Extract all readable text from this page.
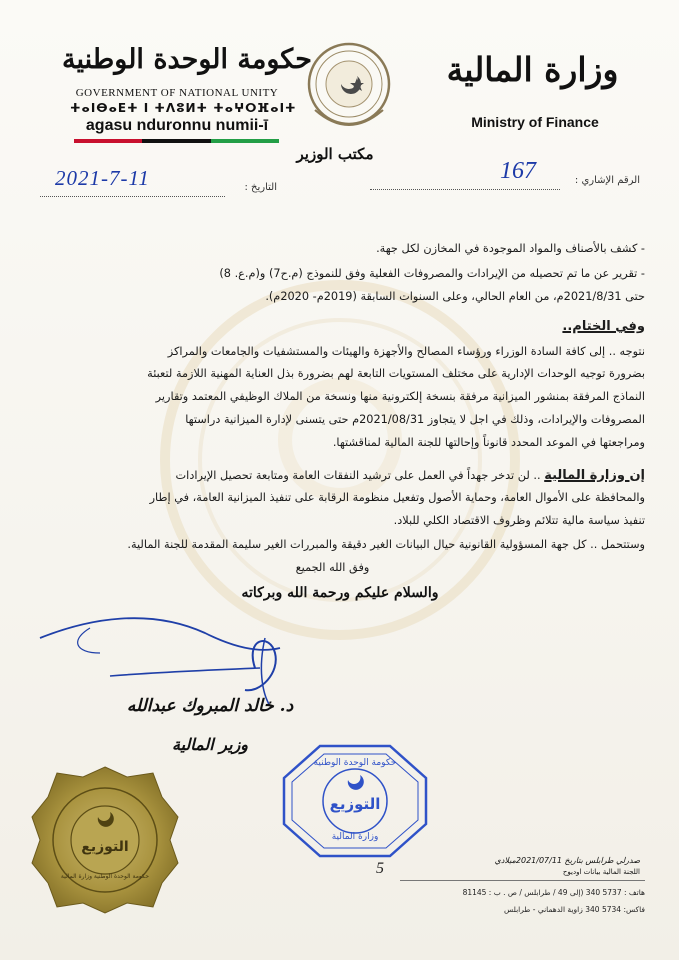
حكومة الوحدة الوطنية
GOVERNMENT OF NATIONAL UNITY
ⵜⴰⵏⴱⴰⴹⵜ ⵏ ⵜⴷⵓⵍⵜ ⵜⴰⵖⵔⴼⴰⵏⵜ
agasu nduronnu numii-ī
مكتب الوزير
وزارة المالية
Ministry of Finance
الرقم الإشاري :
167
التاريخ :
2021-7-11
- كشف بالأصناف والمواد الموجودة في المخازن لكل جهة.
- تقرير عن ما تم تحصيله من الإيرادات والمصروفات الفعلية وفق للنموذج (م.ح7) و(م.ع. 8)
حتى 2021/8/31م، من العام الحالي، وعلى السنوات السابقة (2019م- 2020م).
وفي الختام..
نتوجه .. إلى كافة السادة الوزراء ورؤساء المصالح والأجهزة والهيئات والمستشفيات والجامعات والمراكز
بضرورة توجيه الوحدات الإدارية على مختلف المستويات التابعة لهم بضرورة بذل العناية المهنية اللازمة لتعبئة
النماذج المرفقة بمنشور الميزانية مرفقة بنسخة إلكترونية منها ونسخة من الملاك الوظيفي المعتمد وتقارير
المصروفات والإيرادات، وذلك في اجل لا يتجاوز 2021/08/31م حتى يتسنى لإدارة الميزانية دراستها
ومراجعتها في الموعد المحدد قانوناً وإحالتها للجنة المالية لمناقشتها.
إن وزارة المالية .. لن تدخر جهداً في العمل على ترشيد النفقات العامة ومتابعة تحصيل الإيرادات
والمحافظة على الأموال العامة، وحماية الأصول وتفعيل منظومة الرقابة على تنفيذ الميزانية العامة، في إطار
تنفيذ سياسة مالية تتلائم وظروف الاقتصاد الكلي للبلاد.
وستتحمل .. كل جهة المسؤولية القانونية حيال البيانات الغير دقيقة والمبررات الغير سليمة المقدمة للجنة المالية.
وفق الله الجميع
والسلام عليكم ورحمة الله وبركاته
د. خالد المبروك عبدالله
وزير المالية
حكومة الوحدة الوطنية
التوزيع
وزارة المالية
التوزيع
حكومة الوحدة الوطنية وزارة المالية
صدرلي طرابلس بتاريخ 2021/07/11ميلادي
اللجنة المالية بيانات اوديوح
5
هاتف : 5737 340 (إلى 49 / طرابلس / ص . ب : 81145
فاكس: 5734 340 زاوية الدهماني - طرابلس
